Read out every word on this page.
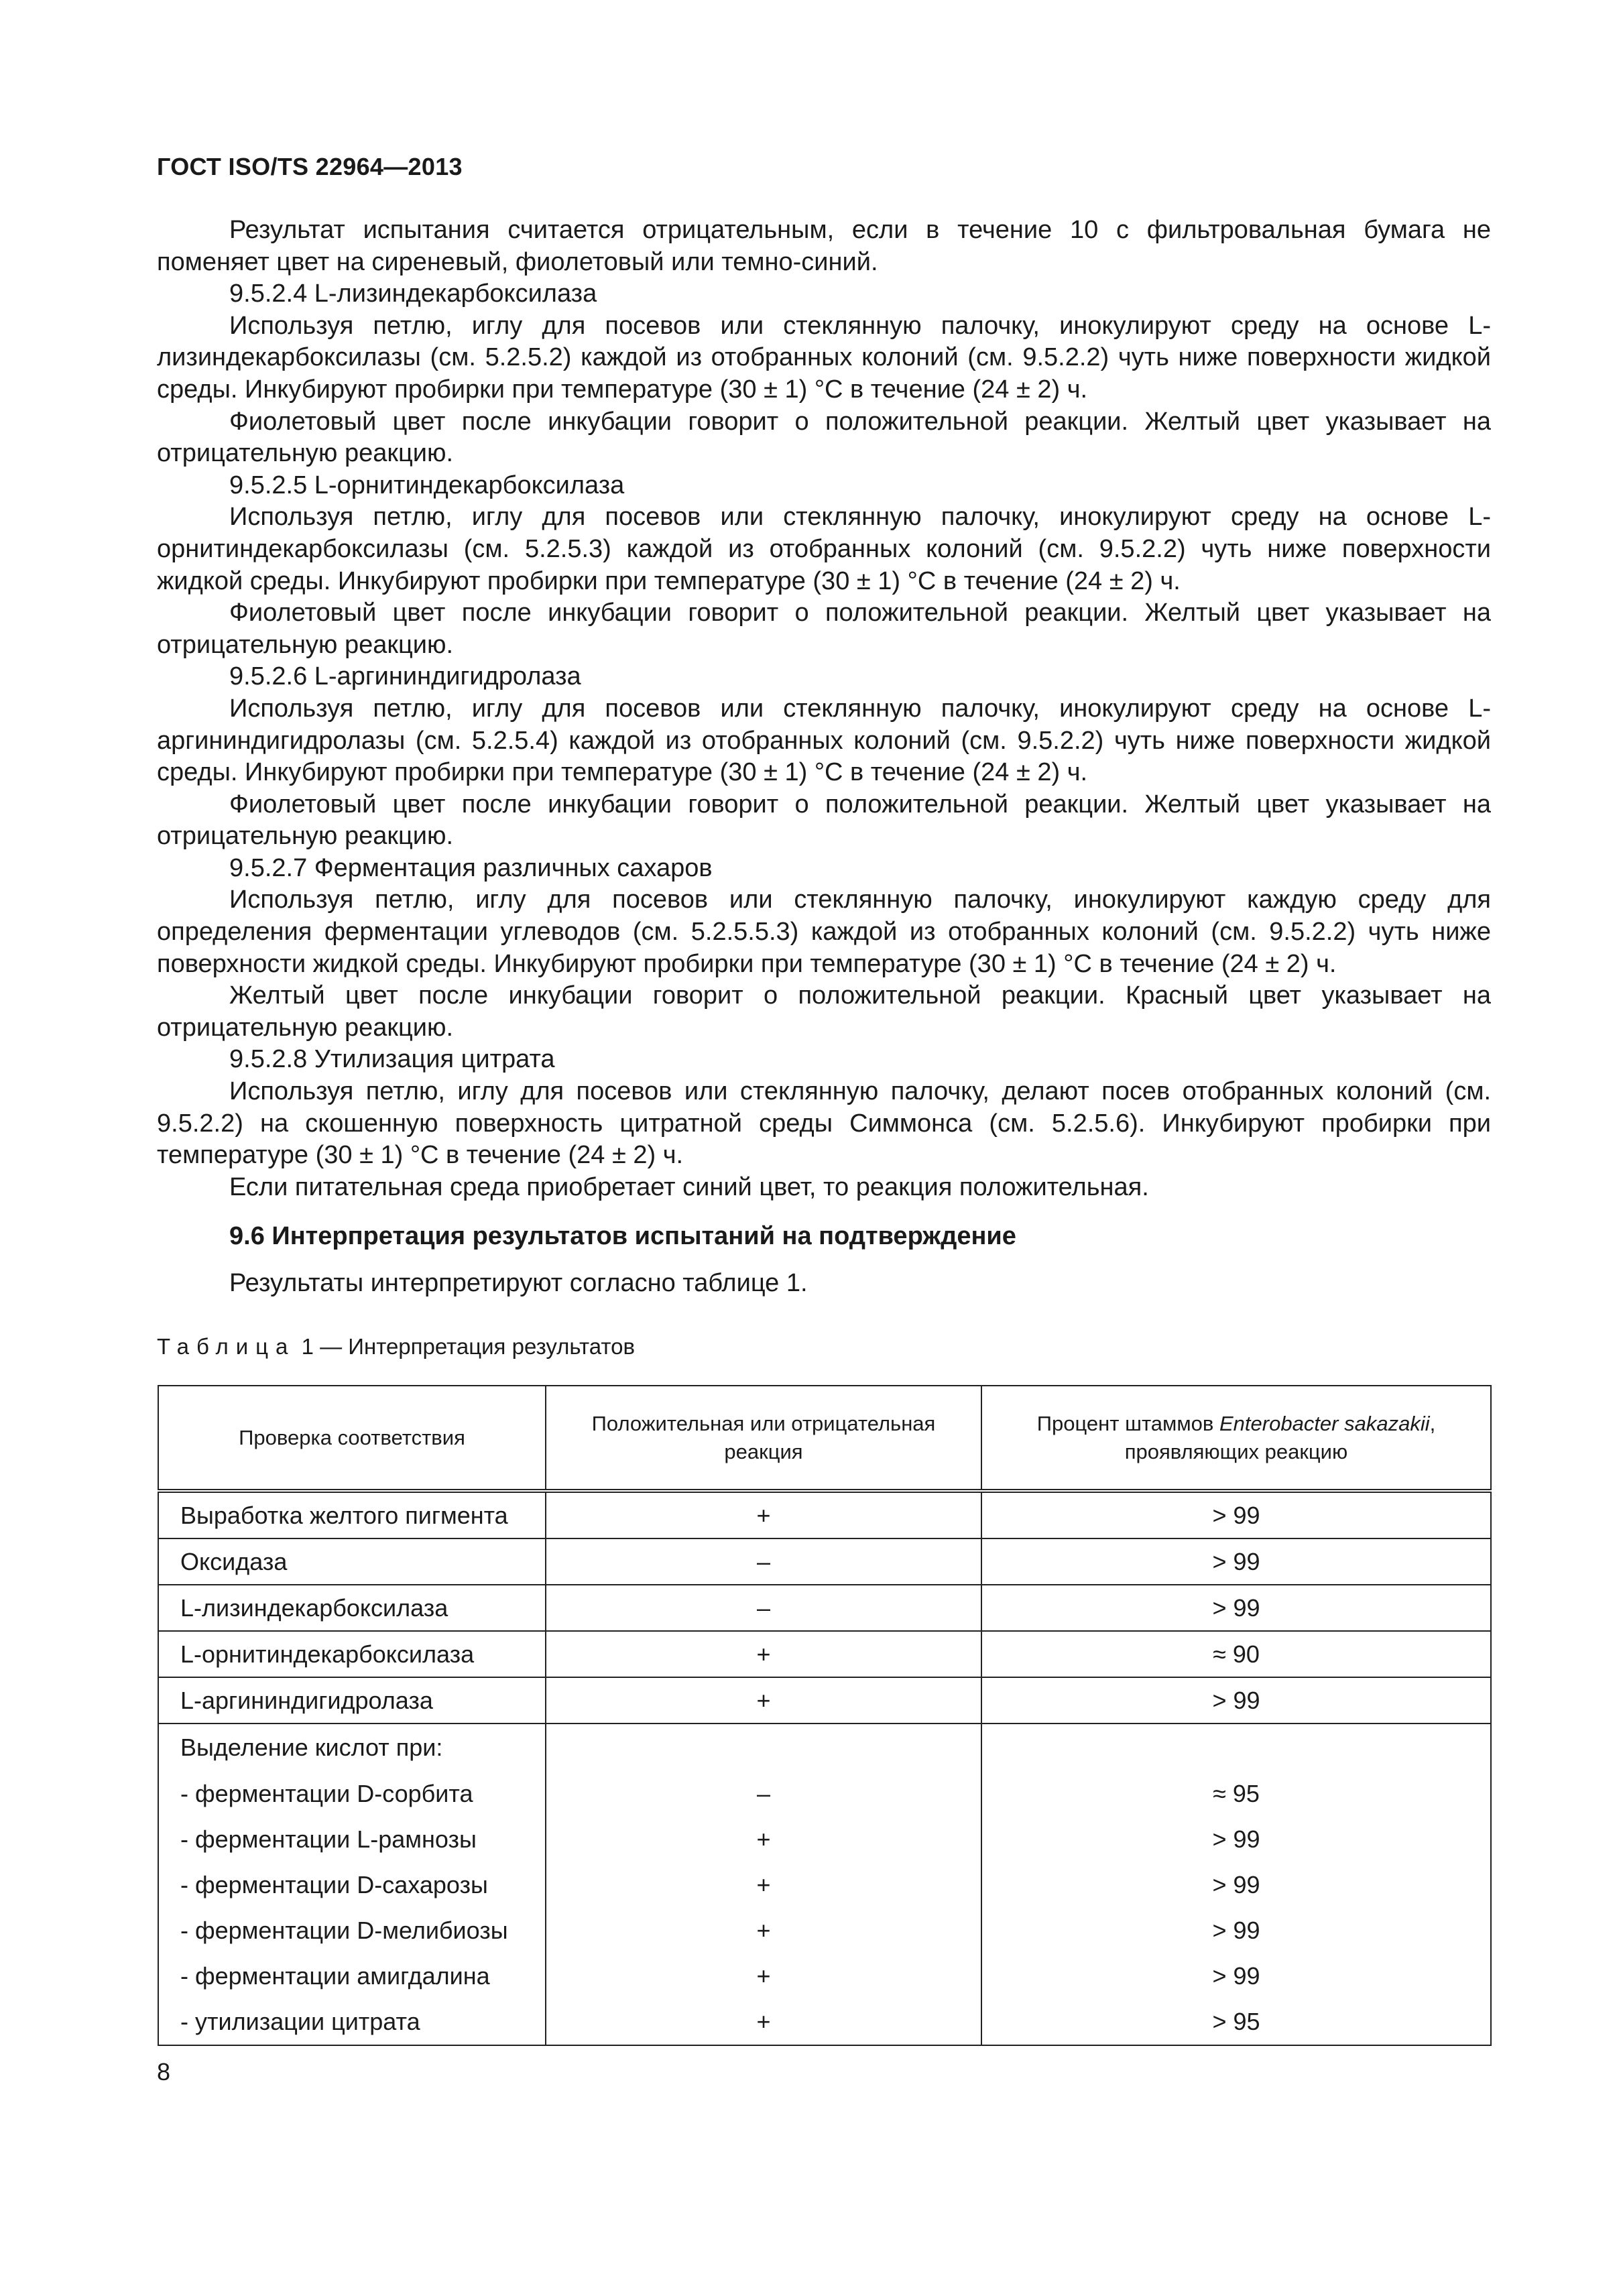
ГОСТ ISO/TS 22964—2013

Результат испытания считается отрицательным, если в течение 10 с фильтровальная бумага не поменяет цвет на сиреневый, фиолетовый или темно-синий.

9.5.2.4 L-лизиндекарбоксилаза

Используя петлю, иглу для посевов или стеклянную палочку, инокулируют среду на основе L-лизиндекарбоксилазы (см. 5.2.5.2) каждой из отобранных колоний (см. 9.5.2.2) чуть ниже поверхности жидкой среды. Инкубируют пробирки при температуре (30 ± 1) °С в течение (24 ± 2) ч.

Фиолетовый цвет после инкубации говорит о положительной реакции. Желтый цвет указывает на отрицательную реакцию.

9.5.2.5 L-орнитиндекарбоксилаза

Используя петлю, иглу для посевов или стеклянную палочку, инокулируют среду на основе L-орнитиндекарбоксилазы (см. 5.2.5.3) каждой из отобранных колоний (см. 9.5.2.2) чуть ниже поверхности жидкой среды. Инкубируют пробирки при температуре (30 ± 1) °С в течение (24 ± 2) ч.

Фиолетовый цвет после инкубации говорит о положительной реакции. Желтый цвет указывает на отрицательную реакцию.

9.5.2.6 L-аргининдигидролаза

Используя петлю, иглу для посевов или стеклянную палочку, инокулируют среду на основе L-аргининдигидролазы (см. 5.2.5.4) каждой из отобранных колоний (см. 9.5.2.2) чуть ниже поверхности жидкой среды. Инкубируют пробирки при температуре (30 ± 1) °С в течение (24 ± 2) ч.

Фиолетовый цвет после инкубации говорит о положительной реакции. Желтый цвет указывает на отрицательную реакцию.

9.5.2.7 Ферментация различных сахаров

Используя петлю, иглу для посевов или стеклянную палочку, инокулируют каждую среду для определения ферментации углеводов (см. 5.2.5.5.3) каждой из отобранных колоний (см. 9.5.2.2) чуть ниже поверхности жидкой среды. Инкубируют пробирки при температуре (30 ± 1) °С в течение (24 ± 2) ч.

Желтый цвет после инкубации говорит о положительной реакции. Красный цвет указывает на отрицательную реакцию.

9.5.2.8 Утилизация цитрата

Используя петлю, иглу для посевов или стеклянную палочку, делают посев отобранных колоний (см. 9.5.2.2) на скошенную поверхность цитратной среды Симмонса (см. 5.2.5.6). Инкубируют пробирки при температуре (30 ± 1) °С в течение (24 ± 2) ч.

Если питательная среда приобретает синий цвет, то реакция положительная.

9.6 Интерпретация результатов испытаний на подтверждение

Результаты интерпретируют согласно таблице 1.

Таблица 1 — Интерпретация результатов
Проверка соответствия	Положительная или отрицательная реакция	Процент штаммов Enterobacter sakazakii, проявляющих реакцию
Выработка желтого пигмента	+	> 99
Оксидаза	–	> 99
L-лизиндекарбоксилаза	–	> 99
L-орнитиндекарбоксилаза	+	≈ 90
L-аргининдигидролаза	+	> 99
Выделение кислот при:		
- ферментации D-сорбита	–	≈ 95
- ферментации L-рамнозы	+	> 99
- ферментации D-сахарозы	+	> 99
- ферментации D-мелибиозы	+	> 99
- ферментации амигдалина	+	> 99
- утилизации цитрата	+	> 95
8
